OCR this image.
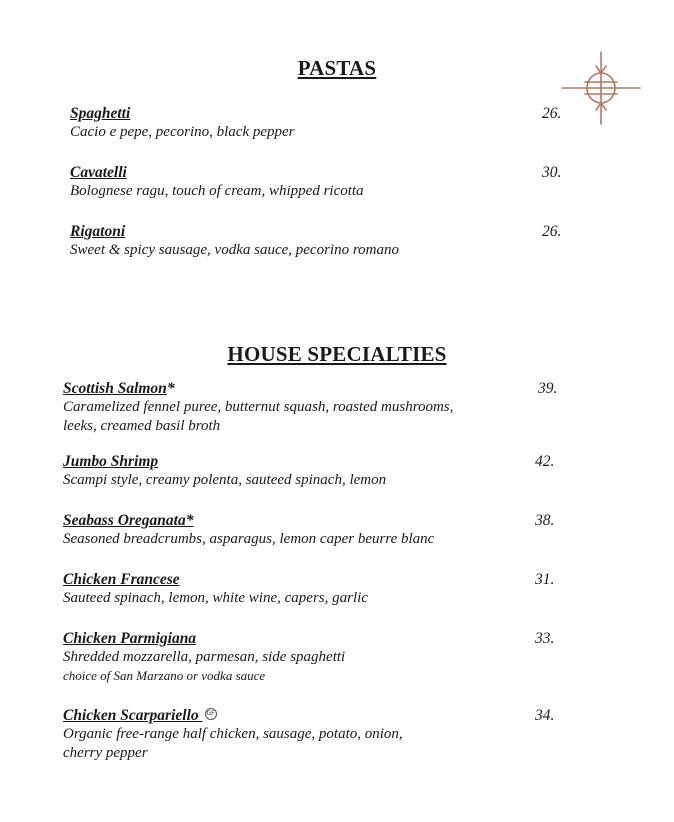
PASTAS
Spaghetti
Cacio e pepe, pecorino, black pepper
26.
Cavatelli
Bolognese ragu, touch of cream, whipped ricotta
30.
Rigatoni
Sweet & spicy sausage, vodka sauce, pecorino romano
26.
HOUSE SPECIALTIES
Scottish Salmon*
Caramelized fennel puree, butternut squash, roasted mushrooms,
leeks, creamed basil broth
39.
Jumbo Shrimp
Scampi style, creamy polenta, sauteed spinach, lemon
42.
Seabass Oreganata*
Seasoned breadcrumbs, asparagus, lemon caper beurre blanc
38.
Chicken Francese
Sauteed spinach, lemon, white wine, capers, garlic
31.
Chicken Parmigiana
Shredded mozzarella, parmesan, side spaghetti
choice of San Marzano or vodka sauce
33.
Chicken Scarpariello GF
Organic free-range half chicken, sausage, potato, onion,
cherry pepper
34.
